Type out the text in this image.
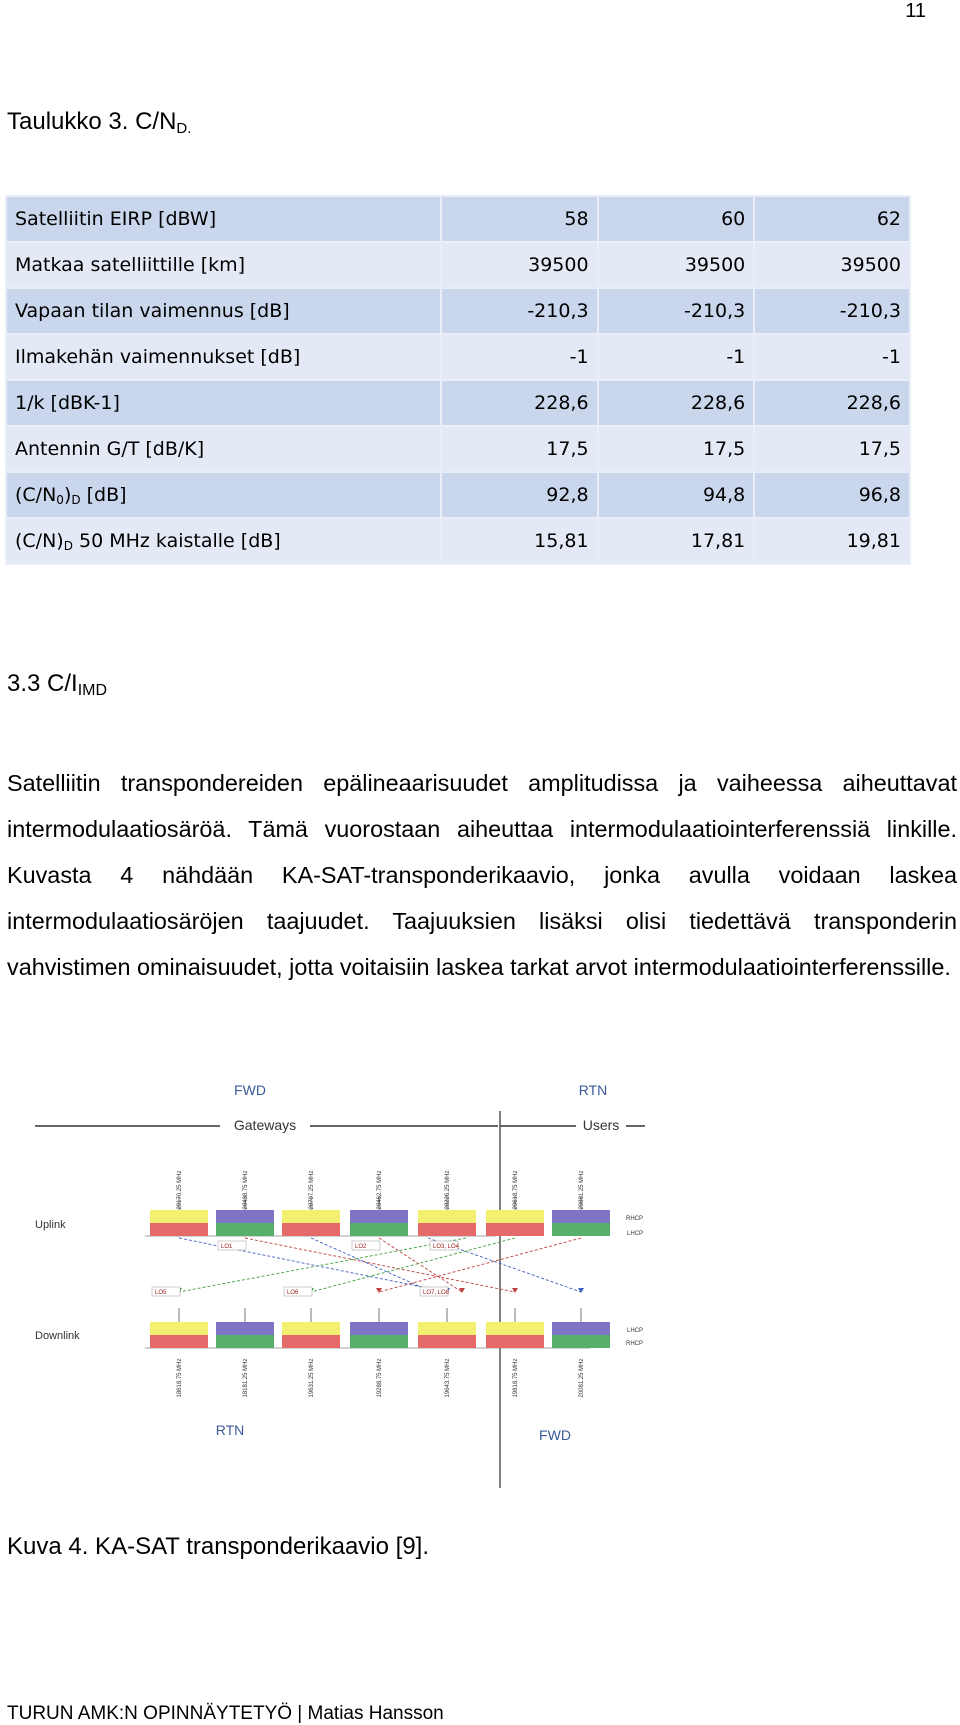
11
Taulukko 3. $C/N_{D.}$
Satelliitin EIRP [dBW]	58	60	62
Matkaa satelliittille [km]	39500	39500	39500
Vapaan tilan vaimennus [dB]	-210,3	-210,3	-210,3
Ilmakehän vaimennukset [dB]	-1	-1	-1
1/k [dBK-1]	228,6	228,6	228,6
Antennin G/T [dB/K]	17,5	17,5	17,5
$(C/N_0)_D$ [dB]	92,8	94,8	96,8
$(C/N)_D$ 50 MHz kaistalle [dB]	15,81	17,81	19,81
3.3 $C/I_{IMD}$
Satelliitin transpondereiden epälineaarisuudet amplitudissa ja vaiheessa aiheuttavat intermodulaatiosäröä. Tämä vuorostaan aiheuttaa intermodulaatiointerferenssiä linkille. Kuvasta 4 nähdään KA-SAT-transponderikaavio, jonka avulla voidaan laskea intermodulaatiosäröjen taajuudet. Taajuuksien lisäksi olisi tiedettävä transponderin vahvistimen ominaisuudet, jotta voitaisiin laskea tarkat arvot intermodulaatiointerferenssille.
FWD	RTN
Gateways	Users
Uplink
Downlink
RHCP
LHCP
LHCP
RHCP
RTN	FWD
29170.25 MHz	28438.75 MHz	28707.25 MHz	28462.75 MHz	28226.25 MHz	29618.75 MHz	29881.25 MHz
18618.75 MHz	18181.25 MHz	19631.25 MHz	19288.75 MHz	19643.75 MHz	19818.75 MHz	20081.25 MHz
LO1	LO2	LO3, LO4
LO5	LO6	LO7, LO8
Kuva 4. KA-SAT transponderikaavio [9].
TURUN AMK:N OPINNÄYTETYÖ | Matias Hansson
